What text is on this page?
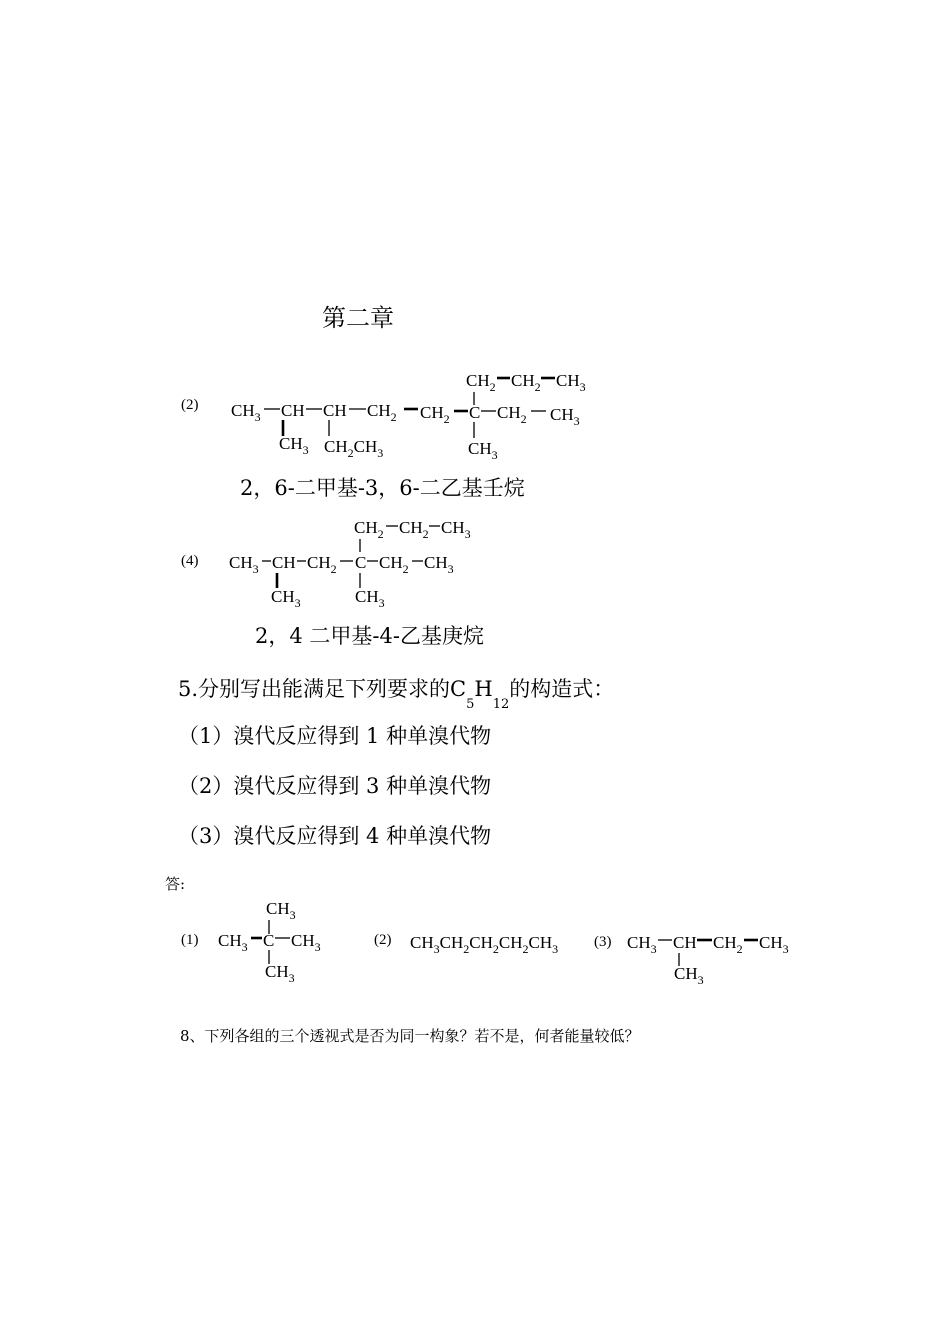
第二章
(2)
2，6-二甲基-3，6-二乙基壬烷
(4)
2，4 二甲基-4-乙基庚烷
5.分别写出能满足下列要求的$C_5H_{12}$的构造式：
（1）溴代反应得到 1 种单溴代物
（2）溴代反应得到 3 种单溴代物
（3）溴代反应得到 4 种单溴代物
答:
(1)	(2)	(3)
8、下列各组的三个透视式是否为同一构象？若不是，何者能量较低？
$CH_2$ $CH_2$ $CH_3$
$CH_3$ CH CH $CH_2$ $CH_2$ C $CH_2$ $CH_3$
$CH_3$ $CH_2CH_3$	$CH_3$
$CH_2$ $CH_2$ $CH_3$
$CH_3$ CH $CH_2$ C $CH_2$ $CH_3$
$CH_3$	$CH_3$
$CH_3$
$CH_3$ C $CH_3$
$CH_3$
$CH_3CH_2CH_2CH_2CH_3$	$CH_3$ CH $CH_2$ $CH_3$
$CH_3$
